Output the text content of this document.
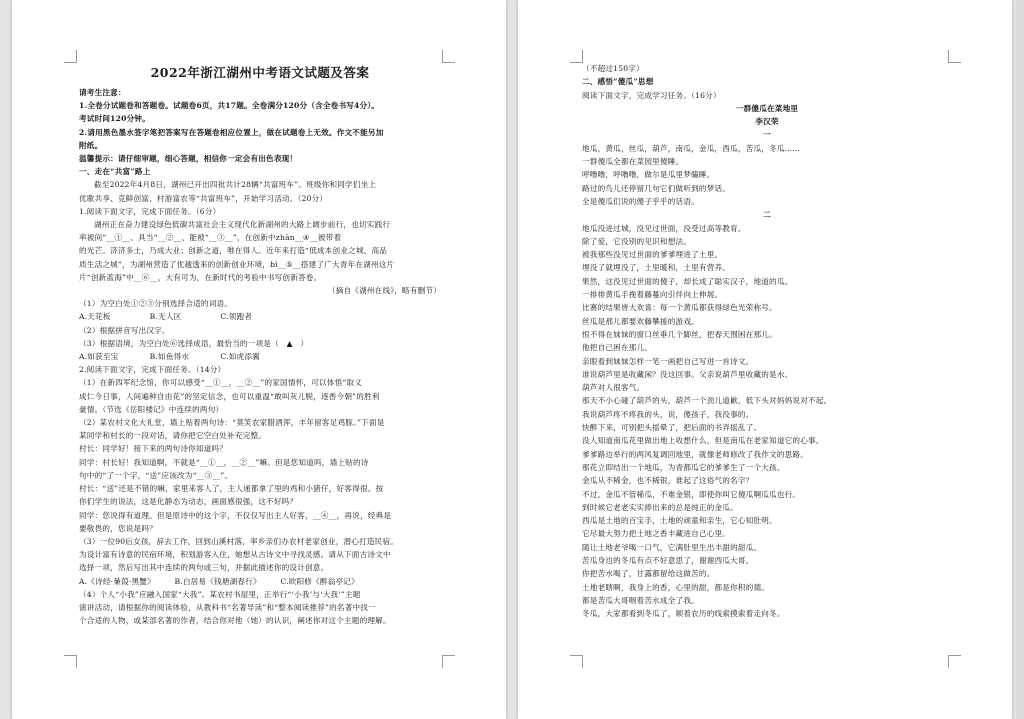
2022年浙江湖州中考语文试题及答案

请考生注意：

1.全卷分试题卷和答题卷。试题卷6页，共17题。全卷满分120分（含全卷书写4分）。

考试时间120分钟。

2.请用黑色墨水签字笔把答案写在答题卷相应位置上，做在试题卷上无效。作文不能另加

附纸。

温馨提示：请仔细审题，细心答题，相信你一定会有出色表现！

一、走在“共富”路上

截至2022年4月8日，湖州已开出四批共计28辆“共富班车”。班级你和同学们坐上

优歌共享、克鲜创富、村游富农等“共富班车”，开始学习活动。（20分）

1.阅读下面文字，完成下面任务。（6分）

湖州正在奋力建设绿色低碳共富社会主义现代化新湖州的大路上阔步前行，也切实践行

率被间“__①__、具当“__②__、能被“__③__”，在创新中zhān__④__被带着

的光芒。济济多士，乃成大业；创新之道，唯在得人。近年来打造“低成本创业之城、高品

质生活之城”，为湖州营造了优越透来的创新创业环境，bì__⑤__搭建了广大青年在湖州这片

片“创新蓝海”中__⑥__，大有可为，在新时代的考验中书写创新答卷。

（摘自《湖州在线》，略有删节）

（1）为空白处①②③分别选择合适的词语。

A.天花板　　　　　B.无人区　　　　　C.领跑者

（2）根据拼音写出汉字。

（3）根据语境，为空白处⑥选择成语，最恰当的一项是（　▲　）

A.如获至宝　　　　B.如鱼得水　　　　C.如虎添翼

2.阅读下面文字，完成下面任务。（14分）

（1）在新四军纪念馆，你可以感受“__①__，__②__”的家国情怀，可以体悟“取义

成仁今日事，人间遍种自由花”的坚定信念，也可以重温“敢叫灰儿脱，逐香今朝”的胜利

豪情。（节选《岳阳楼记》中连续的两句）

（2）某农村文化大礼堂，墙上贴着两句诗：“莫笑农家腊酒浑，丰年留客足鸡豚。”下面是

某同学和村长的一段对话，请你把它空白处补充完整。

村长：同学好！接下来的两句诗你知道吗？

同学：村长好！我知道啊，不就是“__①__，__②__”嘛。但是您知道吗，墙上贴的诗

句中的“了一个字，“送”应该改为“__③__”。

村长：“送”还是不错的嘛，家里来客人了，主人递都拿了里的鸡和小猪仔，好客得很。按

你们学生的说法，这是化静态为动态，画面感很强，这不好吗？

同学：您说得有道理。但是原诗中的这个字，不仅仅写出主人好客，__④__，再说，经典是

要敬畏的，您说是吗？

（3）一位90后女孩，辞去工作，回到山溪村落，率乡亲们办农村老家创业，潜心打造民宿。

为设计富有诗意的民宿环境，积划游客入住，她想从古诗文中寻找灵感。请从下面古诗文中

选择一项，然后写出其中连续的两句或三句，并据此描述你的设计创意。

A.《诗经·蒹葭·黑蟹》　　　B.白居易《钱塘湖春行》　　　C.欧阳修《醉翁亭记》

（4）个人“小我”应融入国家“大我”。某农村书屋里，正举行“‘小我’与‘大我’”主题

演讲活动，请根据你的阅读体验，从教科书“名著导读”和“整本阅读推荐”的名著中找一

个合适的人物，或某部名著的作者，结合你对他（她）的认识，阐述你对这个主题的理解。

（不超过150字）

二、感悟“傻瓜”思想

阅读下面文字，完成学习任务。（16分）

一群傻瓜在菜地里

李汉荣

一

地瓜，黄瓜，丝瓜，葫芦，南瓜，金瓜，西瓜，苦瓜，冬瓜……

一群傻瓜全都在菜园里傻睡。

呼噜噜，呼噜噜，做尔是瓜里梦瞌睡。

路过的鸟儿还停留几句它们做听到的梦话。

全是傻瓜们说的傻子乎乎的话语。

二

地瓜没进过城，没见过世面，没受过高等教育。

除了爱，它没别的见识和想法。

被我那些没见过世面的爹爹埋进了土里。

埋没了就埋没了，土里暖和，土里有营养。

果然，这没见过世面的傻子，却长成了聪实汉子，地道的瓜。

一排排黄瓜手挽着藤蔓向引伴向上伸展。

比赛的结果皆大欢喜：每一个黄瓜都获得绿色光荣称号。

丝瓜是那儿都要欢藤攀援的游戏。

恨不得在妹妹的窗口丝垂几个脚丝，把春天围困在那儿。

他把自己困在那儿。

亲眼看到妹妹怎样一笔一画把自己写进一首诗文。

谁说葫芦里是收藏闲？没这回事。父亲说葫芦里收藏的是水。

葫芦对人很客气。

那天不小心碰了葫芦的头，葫芦一个劲儿道歉，低下头对妈妈说对不起。

我说葫芦疼不疼我的头，说，傻孩子，我没事的。

快醉下来，可别把头摇晕了，把后面的书弄摇乱了。

没人知道南瓜花里做出地上收想什么，但是南瓜在老家知道它的心事。

爹爹路边举行的两风复调回地里，就像老师修改了我作文的思路。

那花立即结出一个地瓜，为青都瓜它的爹爹生了一个大孩。

金瓜从不稀金，也不稀银，谁起了这俗气的名字？

不过，金瓜不管稀瓜，不难金银，即使你叫它傻瓜啊瓜瓜也行。

到时候它老老实实捧出来的总是纯正的金瓜。

西瓜是土地的百宝手，土地的顽童和亲生，它心知肚明。

它尽最大努力把土地之香丰藏进自己心里。

随让土地老爷喝一口气，它满肚里生出丰甜的甜瓜。

苦瓜身边的冬瓜有点不好意思了，谢谢西瓜大哥。

你把苦水喝了，甘露都留给这做苦的。

土地老瞎啊，我身上的香，心里的甜，都是你积的德。

都是苦瓜大哥咽着苦水成全了我。

冬瓜，大家都看到冬瓜了，顺着农历的线索摸索着走向冬。
